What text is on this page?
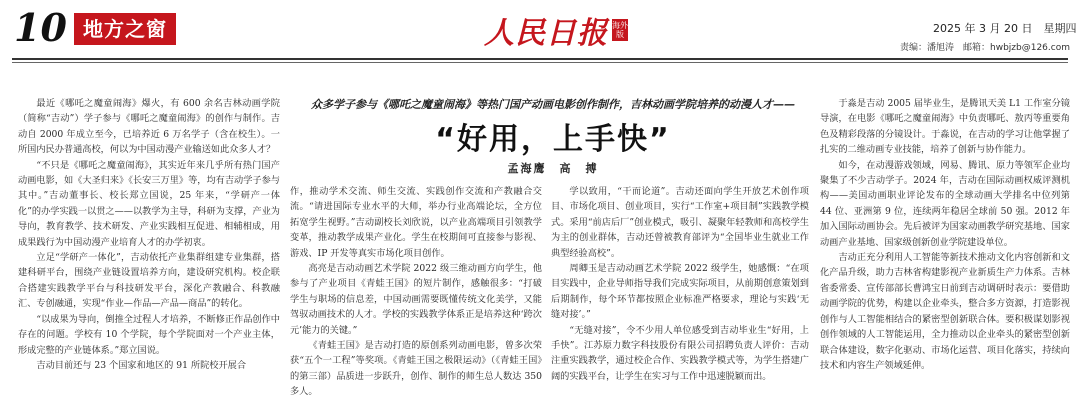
10 地方之窗	人民日报 海外版	2025 年 3 月 20 日　星期四
责编：潘旭涛　邮箱：hwbjzb@126.com
众多学子参与《哪吒之魔童闹海》等热门国产动画电影创作制作，吉林动画学院培养的动漫人才——
“好用，上手快”
孟海鹰　高　搏

最近《哪吒之魔童闹海》爆火，有 600 余名吉林动画学院（简称“吉动”）学子参与《哪吒之魔童闹海》的创作与制作。吉动自 2000 年成立至今，已培养近 6 万名学子（含在校生）。一所国内民办普通高校，何以为中国动漫产业输送如此众多人才？

“不只是《哪吒之魔童闹海》，其实近年来几乎所有热门国产动画电影，如《大圣归来》《长安三万里》等，均有吉动学子参与其中。”吉动董事长、校长郑立国说，25 年来，“学研产一体化”的办学实践一以贯之——以教学为主导，科研为支撑，产业为导向，教育教学、技术研发、产业实践相互促进、相辅相成，用成果践行为中国动漫产业培育人才的办学初衷。

立足“学研产一体化”，吉动依托产业集群组建专业集群，搭建科研平台，围绕产业链设置培养方向，建设研究机构。校企联合搭建实践教学平台与科技研发平台，深化产教融合、科教融汇、专创融通，实现“作业—作品—产品—商品”的转化。

“以成果为导向，倒推全过程人才培养，不断修正作品创作中存在的问题。学校有 10 个学院，每个学院面对一个产业主体，形成完整的产业链体系。”郑立国说。

吉动目前还与 23 个国家和地区的 91 所院校开展合

作，推动学术交流、师生交流、实践创作交流和产教融合交流。“请进国际专业水平的大师，举办行业高端论坛，全方位拓宽学生视野。”吉动副校长刘欣说，以产业高端项目引领教学变革，推动教学成果产业化。学生在校期间可直接参与影视、游戏、IP 开发等真实市场化项目创作。

高亮是吉动动画艺术学院 2022 级三维动画方向学生，他参与了产业项目《青蛙王国》的短片制作，感触很多：“打破学生与职场的信息差，中国动画需要既懂传统文化美学，又能驾驭动画技术的人才。学校的实践教学体系正是培养这种‘跨次元’能力的关键。”

《青蛙王国》是吉动打造的原创系列动画电影，曾多次荣获“五个一工程”等奖项。《青蛙王国之极限运动》（《青蛙王国》的第三部）品质进一步跃升，创作、制作的师生总人数达 350 多人。

学以致用，“干而论道”。吉动还面向学生开放艺术创作项目、市场化项目、创业项目，实行“工作室+项目制”实践教学模式。采用“前店后厂”创业模式，吸引、凝聚年轻教师和高校学生为主的创业群体，吉动还曾被教育部评为“全国毕业生就业工作典型经验高校”。

周卿玉是吉动动画艺术学院 2022 级学生，她感慨：“在项目实践中，企业导师指导我们完成实际项目，从前期创意策划到后期制作，每个环节都按照企业标准严格要求，理论与实践‘无缝对接’。”

“无缝对接”，令不少用人单位感受到吉动毕业生“好用，上手快”。江苏原力数字科技股份有限公司招聘负责人评价：吉动注重实践教学，通过校企合作、实践教学模式等，为学生搭建广阔的实践平台，让学生在实习与工作中迅速脱颖而出。

于淼是吉动 2005 届毕业生，是腾讯天美 L1 工作室分镜导演，在电影《哪吒之魔童闹海》中负责哪吒、敖丙等重要角色及精彩段落的分镜设计。于淼说，在吉动的学习让他掌握了扎实的二维动画专业技能，培养了创新与协作能力。

如今，在动漫游戏领域，网易、腾讯、原力等领军企业均聚集了不少吉动学子。2024 年，吉动在国际动画权威评测机构——美国动画职业评论发布的全球动画大学排名中位列第 44 位、亚洲第 9 位，连续两年稳居全球前 50 强。2012 年加入国际动画协会。先后被评为国家动画教学研究基地、国家动画产业基地、国家级创新创业学院建设单位。

吉动正充分利用人工智能等新技术推动文化内容创新和文化产品升级，助力吉林省构建影视产业新质生产力体系。吉林省委常委、宣传部部长曹鸿宝日前到吉动调研时表示：要借助动画学院的优势，构建以企业牵头，整合多方资源，打造影视创作与人工智能相结合的紧密型创新联合体。要积极谋划影视创作领域的人工智能运用，全力推动以企业牵头的紧密型创新联合体建设，数字化驱动、市场化运营、项目化落实，持续向技术和内容生产领域延伸。
